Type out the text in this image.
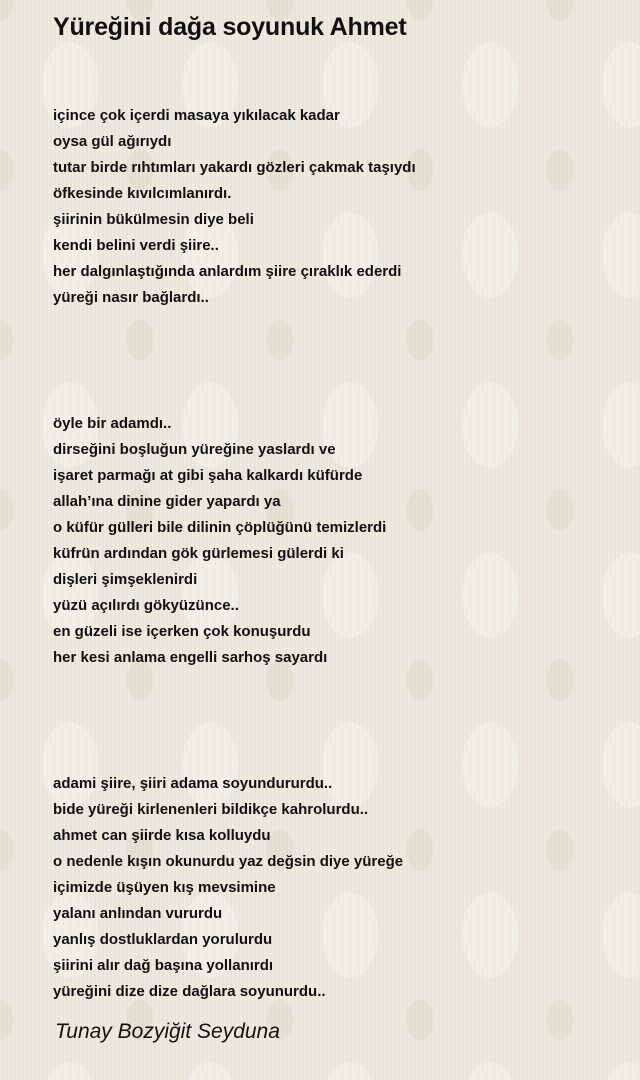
Yüreğini dağa soyunuk Ahmet
içince çok içerdi masaya yıkılacak kadar
oysa gül ağırıydı
tutar birde rıhtımları yakardı gözleri çakmak taşıydı
öfkesinde kıvılcımlanırdı.
şiirinin bükülmesin diye beli
kendi belini verdi şiire..
her dalgınlaştığında anlardım şiire çıraklık ederdi
yüreği nasır bağlardı..
öyle bir adamdı..
dirseğini boşluğun yüreğine yaslardı ve
işaret parmağı at gibi şaha kalkardı küfürde
allah’ına dinine gider yapardı ya
o küfür gülleri bile dilinin çöplüğünü temizlerdi
küfrün ardından gök gürlemesi gülerdi ki
dişleri şimşeklenirdi
yüzü açılırdı gökyüzünce..
en güzeli ise içerken çok konuşurdu
her kesi anlama engelli sarhoş sayardı
adami şiire, şiiri adama soyundururdu..
bide yüreği kirlenenleri bildikçe kahrolurdu..
ahmet can şiirde kısa kolluydu
o nedenle kışın okunurdu yaz değsin diye yüreğe
içimizde üşüyen kış mevsimine
yalanı anlından vururdu
yanlış dostluklardan yorulurdu
şiirini alır dağ başına yollanırdı
yüreğini dize dize dağlara soyunurdu..
Tunay Bozyiğit Seyduna
